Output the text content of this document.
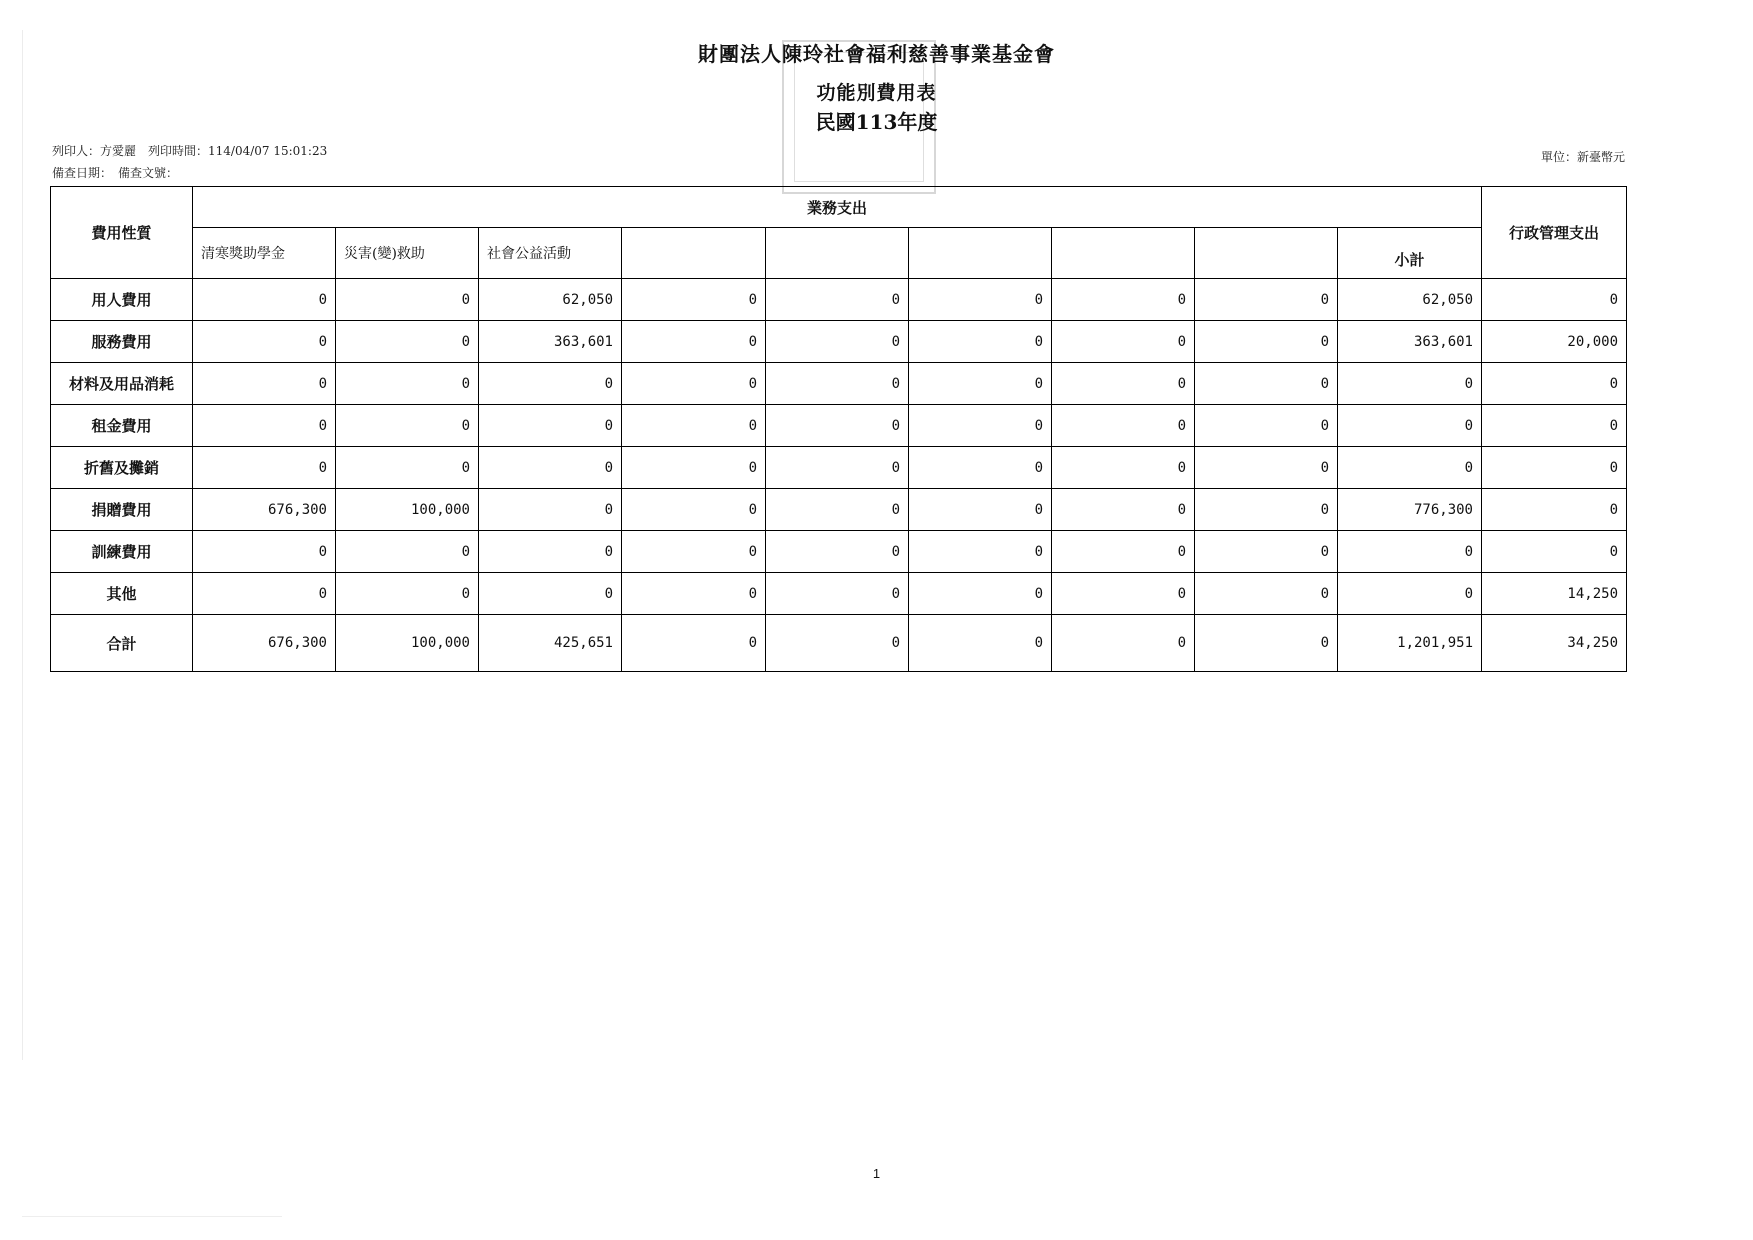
財團法人陳玲社會福利慈善事業基金會
功能別費用表
民國113年度
列印人：方愛麗　列印時間：114/04/07 15:01:23
備查日期：　備查文號：
單位：新臺幣元
費用性質	業務支出									行政管理支出
	清寒獎助學金	災害(變)救助	社會公益活動						小計	
用人費用	0	0	62,050	0	0	0	0	0	62,050	0
服務費用	0	0	363,601	0	0	0	0	0	363,601	20,000
材料及用品消耗	0	0	0	0	0	0	0	0	0	0
租金費用	0	0	0	0	0	0	0	0	0	0
折舊及攤銷	0	0	0	0	0	0	0	0	0	0
捐贈費用	676,300	100,000	0	0	0	0	0	0	776,300	0
訓練費用	0	0	0	0	0	0	0	0	0	0
其他	0	0	0	0	0	0	0	0	0	14,250
合計	676,300	100,000	425,651	0	0	0	0	0	1,201,951	34,250
1
